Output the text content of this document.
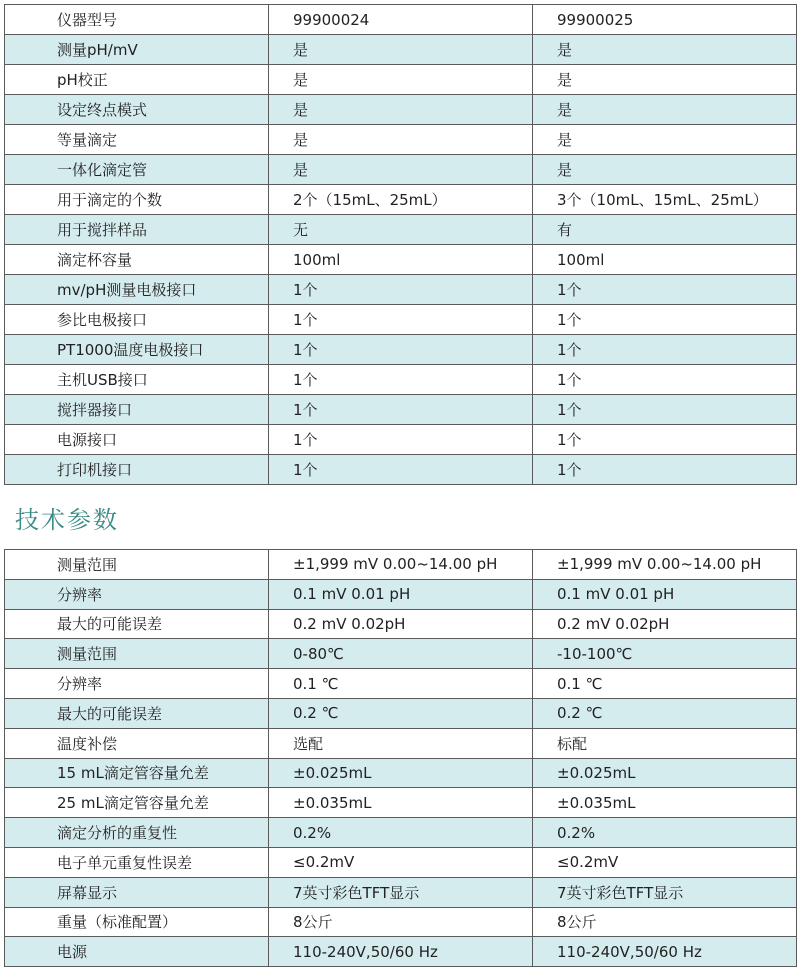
仪器型号	99900024	99900025
测量pH/mV	是	是
pH校正	是	是
设定终点模式	是	是
等量滴定	是	是
一体化滴定管	是	是
用于滴定的个数	2个（15mL、25mL）	3个（10mL、15mL、25mL）
用于搅拌样品	无	有
滴定杯容量	100ml	100ml
mv/pH测量电极接口	1个	1个
参比电极接口	1个	1个
PT1000温度电极接口	1个	1个
主机USB接口	1个	1个
搅拌器接口	1个	1个
电源接口	1个	1个
打印机接口	1个	1个
技术参数
测量范围	±1,999 mV 0.00~14.00 pH	±1,999 mV 0.00~14.00 pH
分辨率	0.1 mV 0.01 pH	0.1 mV 0.01 pH
最大的可能误差	0.2 mV 0.02pH	0.2 mV 0.02pH
测量范围	0-80℃	-10-100℃
分辨率	0.1 ℃	0.1 ℃
最大的可能误差	0.2 ℃	0.2 ℃
温度补偿	选配	标配
15 mL滴定管容量允差	±0.025mL	±0.025mL
25 mL滴定管容量允差	±0.035mL	±0.035mL
滴定分析的重复性	0.2%	0.2%
电子单元重复性误差	≤0.2mV	≤0.2mV
屏幕显示	7英寸彩色TFT显示	7英寸彩色TFT显示
重量（标准配置）	8公斤	8公斤
电源	110-240V,50/60 Hz	110-240V,50/60 Hz
